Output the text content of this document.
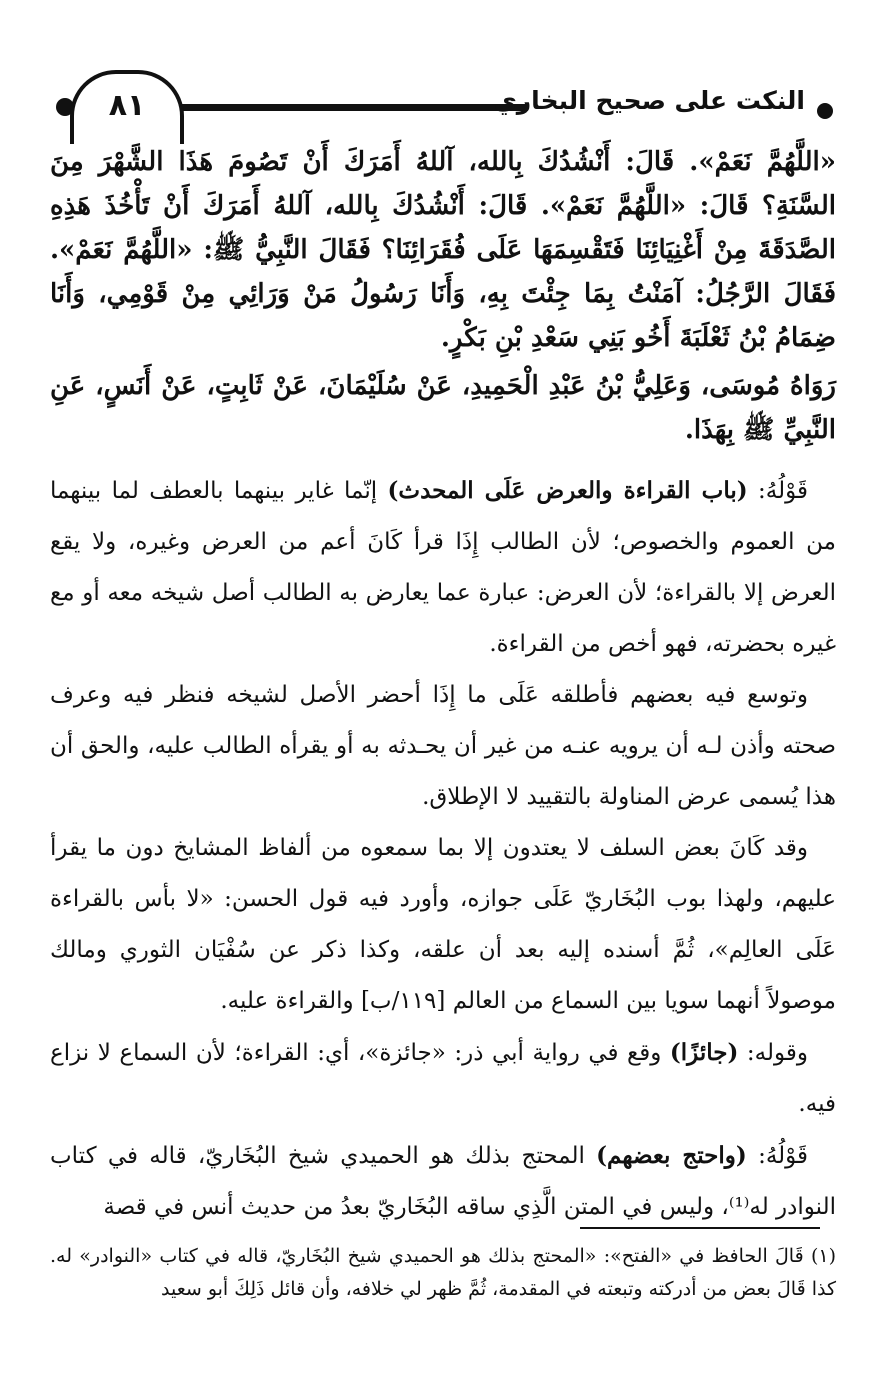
٨١	النكت على صحيح البخاري

«اللَّهُمَّ نَعَمْ». قَالَ: أَنْشُدُكَ بِالله، آللهُ أَمَرَكَ أَنْ تَصُومَ هَذَا الشَّهْرَ مِنَ السَّنَةِ؟ قَالَ: «اللَّهُمَّ نَعَمْ». قَالَ: أَنْشُدُكَ بِالله، آللهُ أَمَرَكَ أَنْ تَأْخُذَ هَذِهِ الصَّدَقَةَ مِنْ أَغْنِيَائِنَا فَتَقْسِمَهَا عَلَى فُقَرَائِنَا؟ فَقَالَ النَّبِيُّ ﷺ: «اللَّهُمَّ نَعَمْ». فَقَالَ الرَّجُلُ: آمَنْتُ بِمَا جِئْتَ بِهِ، وَأَنَا رَسُولُ مَنْ وَرَائِي مِنْ قَوْمِي، وَأَنَا ضِمَامُ بْنُ ثَعْلَبَةَ أَخُو بَنِي سَعْدِ بْنِ بَكْرٍ.

رَوَاهُ مُوسَى، وَعَلِيُّ بْنُ عَبْدِ الْحَمِيدِ، عَنْ سُلَيْمَانَ، عَنْ ثَابِتٍ، عَنْ أَنَسٍ، عَنِ النَّبِيِّ ﷺ بِهَذَا.

قَوْلُهُ: (باب القراءة والعرض عَلَى المحدث) إنّما غاير بينهما بالعطف لما بينهما من العموم والخصوص؛ لأن الطالب إِذَا قرأ كَانَ أعم من العرض وغيره، ولا يقع العرض إلا بالقراءة؛ لأن العرض: عبارة عما يعارض به الطالب أصل شيخه معه أو مع غيره بحضرته، فهو أخص من القراءة.

وتوسع فيه بعضهم فأطلقه عَلَى ما إِذَا أحضر الأصل لشيخه فنظر فيه وعرف صحته وأذن لـه أن يرويه عنـه من غير أن يحـدثه به أو يقرأه الطالب عليه، والحق أن هذا يُسمى عرض المناولة بالتقييد لا الإطلاق.

وقد كَانَ بعض السلف لا يعتدون إلا بما سمعوه من ألفاظ المشايخ دون ما يقرأ عليهم، ولهذا بوب البُخَاريّ عَلَى جوازه، وأورد فيه قول الحسن: «لا بأس بالقراءة عَلَى العالِم»، ثُمَّ أسنده إليه بعد أن علقه، وكذا ذكر عن سُفْيَان الثوري ومالك موصولاً أنهما سويا بين السماع من العالم [١١٩/ب] والقراءة عليه.

وقوله: (جائزًا) وقع في رواية أبي ذر: «جائزة»، أي: القراءة؛ لأن السماع لا نزاع فيه.

قَوْلُهُ: (واحتج بعضهم) المحتج بذلك هو الحميدي شيخ البُخَاريّ، قاله في كتاب النوادر له⁽¹⁾، وليس في المتن الَّذِي ساقه البُخَاريّ بعدُ من حديث أنس في قصة

(١) قَالَ الحافظ في «الفتح»: «المحتج بذلك هو الحميدي شيخ البُخَاريّ، قاله في كتاب «النوادر» له. كذا قَالَ بعض من أدركته وتبعته في المقدمة، ثُمَّ ظهر لي خلافه، وأن قائل ذَلِكَ أبو سعيد
